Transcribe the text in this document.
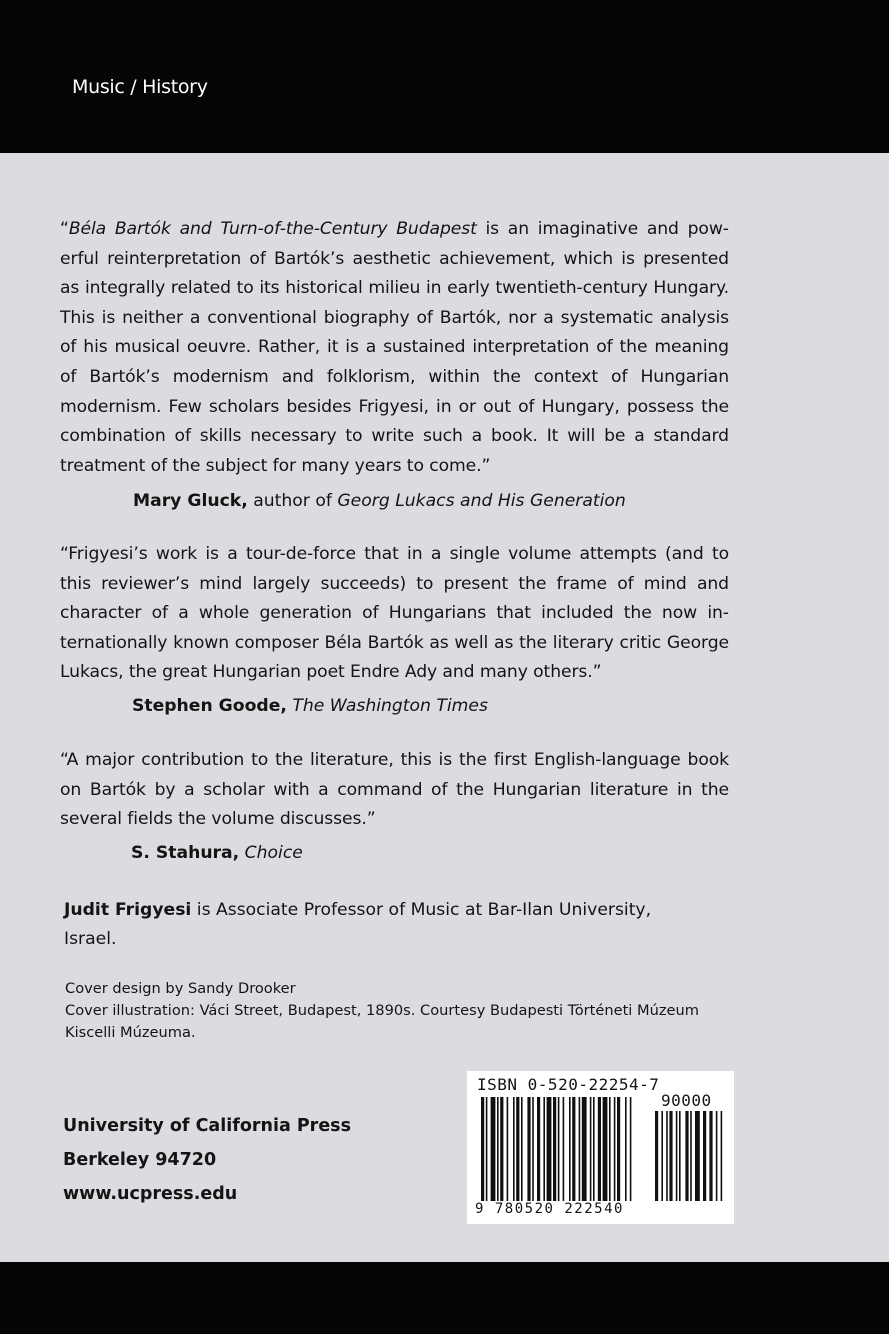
Music / History

“Béla Bartók and Turn-of-the-Century Budapest is an imaginative and powerful reinterpretation of Bartók’s aesthetic achievement, which is presented as integrally related to its historical milieu in early twentieth-century Hungary. This is neither a conventional biography of Bartók, nor a systematic analysis of his musical oeuvre. Rather, it is a sustained interpretation of the meaning of Bartók’s modernism and folklorism, within the context of Hungarian modernism. Few scholars besides Frigyesi, in or out of Hungary, possess the combination of skills necessary to write such a book. It will be a standard treatment of the subject for many years to come.”

Mary Gluck, author of Georg Lukacs and His Generation

“Frigyesi’s work is a tour-de-force that in a single volume attempts (and to this reviewer’s mind largely succeeds) to present the frame of mind and character of a whole generation of Hungarians that included the now internationally known composer Béla Bartók as well as the literary critic George Lukacs, the great Hungarian poet Endre Ady and many others.”

Stephen Goode, The Washington Times

“A major contribution to the literature, this is the first English-language book on Bartók by a scholar with a command of the Hungarian literature in the several fields the volume discusses.”

S. Stahura, Choice
Judit Frigyesi is Associate Professor of Music at Bar-Ilan University, Israel.
Cover design by Sandy Drooker
Cover illustration: Váci Street, Budapest, 1890s. Courtesy Budapesti Történeti Múzeum Kiscelli Múzeuma.
University of California Press
Berkeley 94720
www.ucpress.edu
ISBN 0-520-22254-7
90000
9 780520 222540
